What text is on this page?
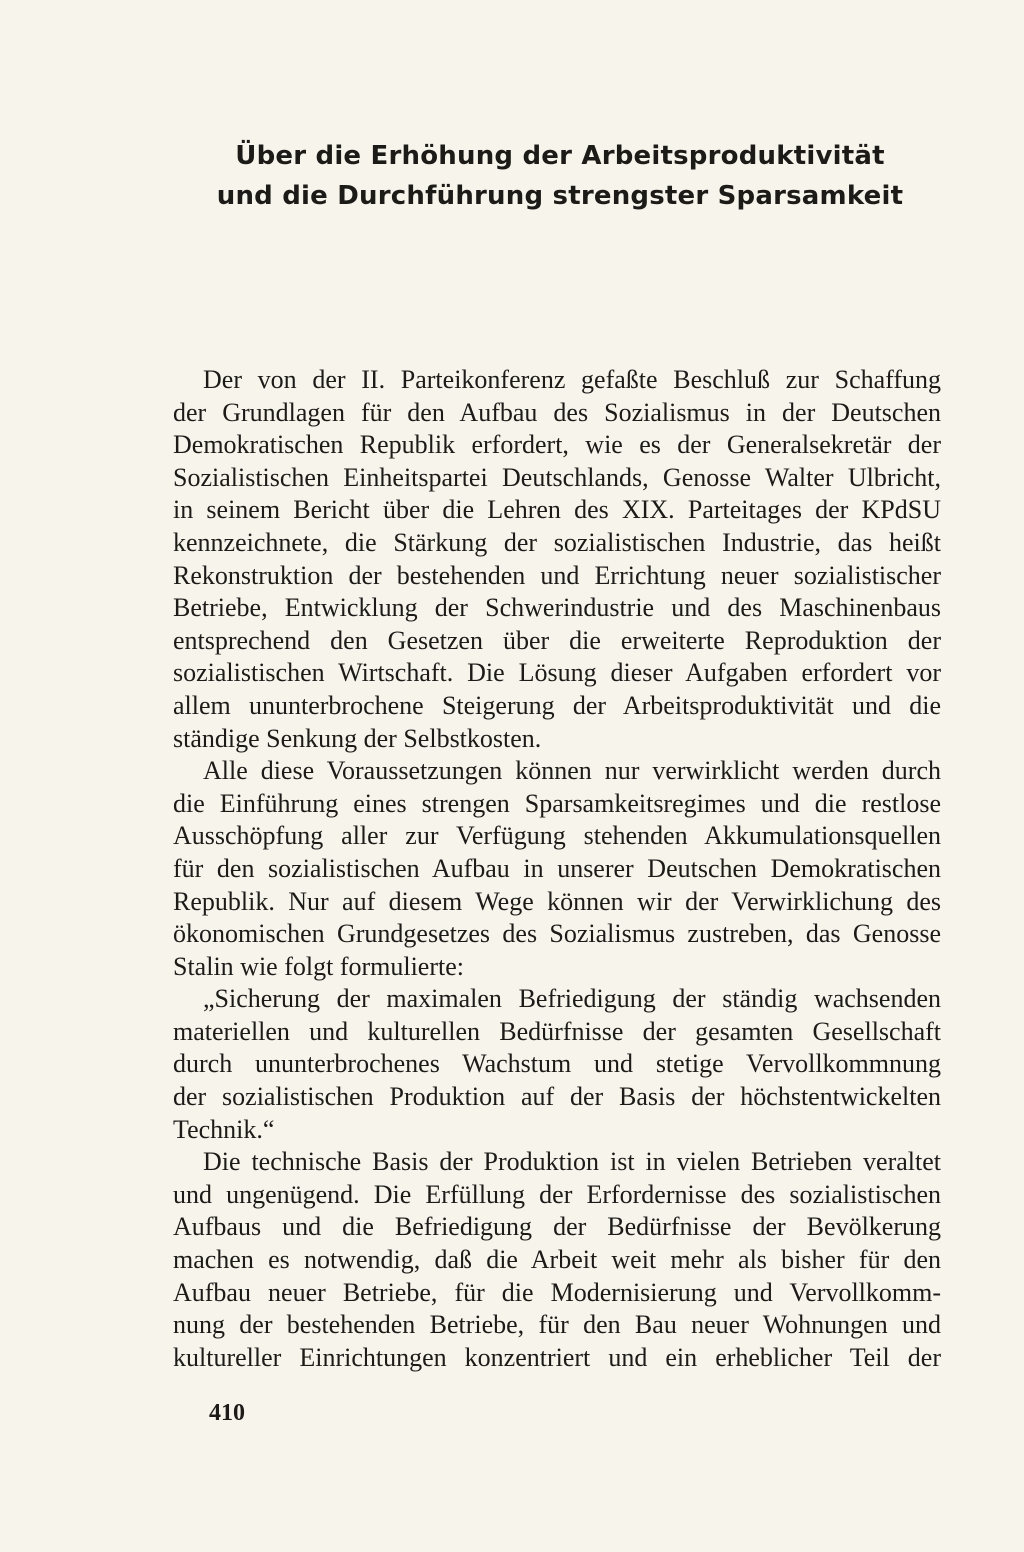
Über die Erhöhung der Arbeitsproduktivität
und die Durchführung strengster Sparsamkeit
Der von der II. Parteikonferenz gefaßte Beschluß zur Schaffung
der Grundlagen für den Aufbau des Sozialismus in der Deutschen
Demokratischen Republik erfordert, wie es der Generalsekretär der
Sozialistischen Einheitspartei Deutschlands, Genosse Walter Ulbricht,
in seinem Bericht über die Lehren des XIX. Parteitages der KPdSU
kennzeichnete, die Stärkung der sozialistischen Industrie, das heißt
Rekonstruktion der bestehenden und Errichtung neuer sozialistischer
Betriebe, Entwicklung der Schwerindustrie und des Maschinenbaus
entsprechend den Gesetzen über die erweiterte Reproduktion der
sozialistischen Wirtschaft. Die Lösung dieser Aufgaben erfordert vor
allem ununterbrochene Steigerung der Arbeitsproduktivität und die
ständige Senkung der Selbstkosten.
Alle diese Voraussetzungen können nur verwirklicht werden durch
die Einführung eines strengen Sparsamkeitsregimes und die restlose
Ausschöpfung aller zur Verfügung stehenden Akkumulationsquellen
für den sozialistischen Aufbau in unserer Deutschen Demokratischen
Republik. Nur auf diesem Wege können wir der Verwirklichung des
ökonomischen Grundgesetzes des Sozialismus zustreben, das Genosse
Stalin wie folgt formulierte:
„Sicherung der maximalen Befriedigung der ständig wachsenden
materiellen und kulturellen Bedürfnisse der gesamten Gesellschaft
durch ununterbrochenes Wachstum und stetige Vervollkommnung
der sozialistischen Produktion auf der Basis der höchstentwickelten
Technik.“
Die technische Basis der Produktion ist in vielen Betrieben veraltet
und ungenügend. Die Erfüllung der Erfordernisse des sozialistischen
Aufbaus und die Befriedigung der Bedürfnisse der Bevölkerung
machen es notwendig, daß die Arbeit weit mehr als bisher für den
Aufbau neuer Betriebe, für die Modernisierung und Vervollkomm-
nung der bestehenden Betriebe, für den Bau neuer Wohnungen und
kultureller Einrichtungen konzentriert und ein erheblicher Teil der
410
